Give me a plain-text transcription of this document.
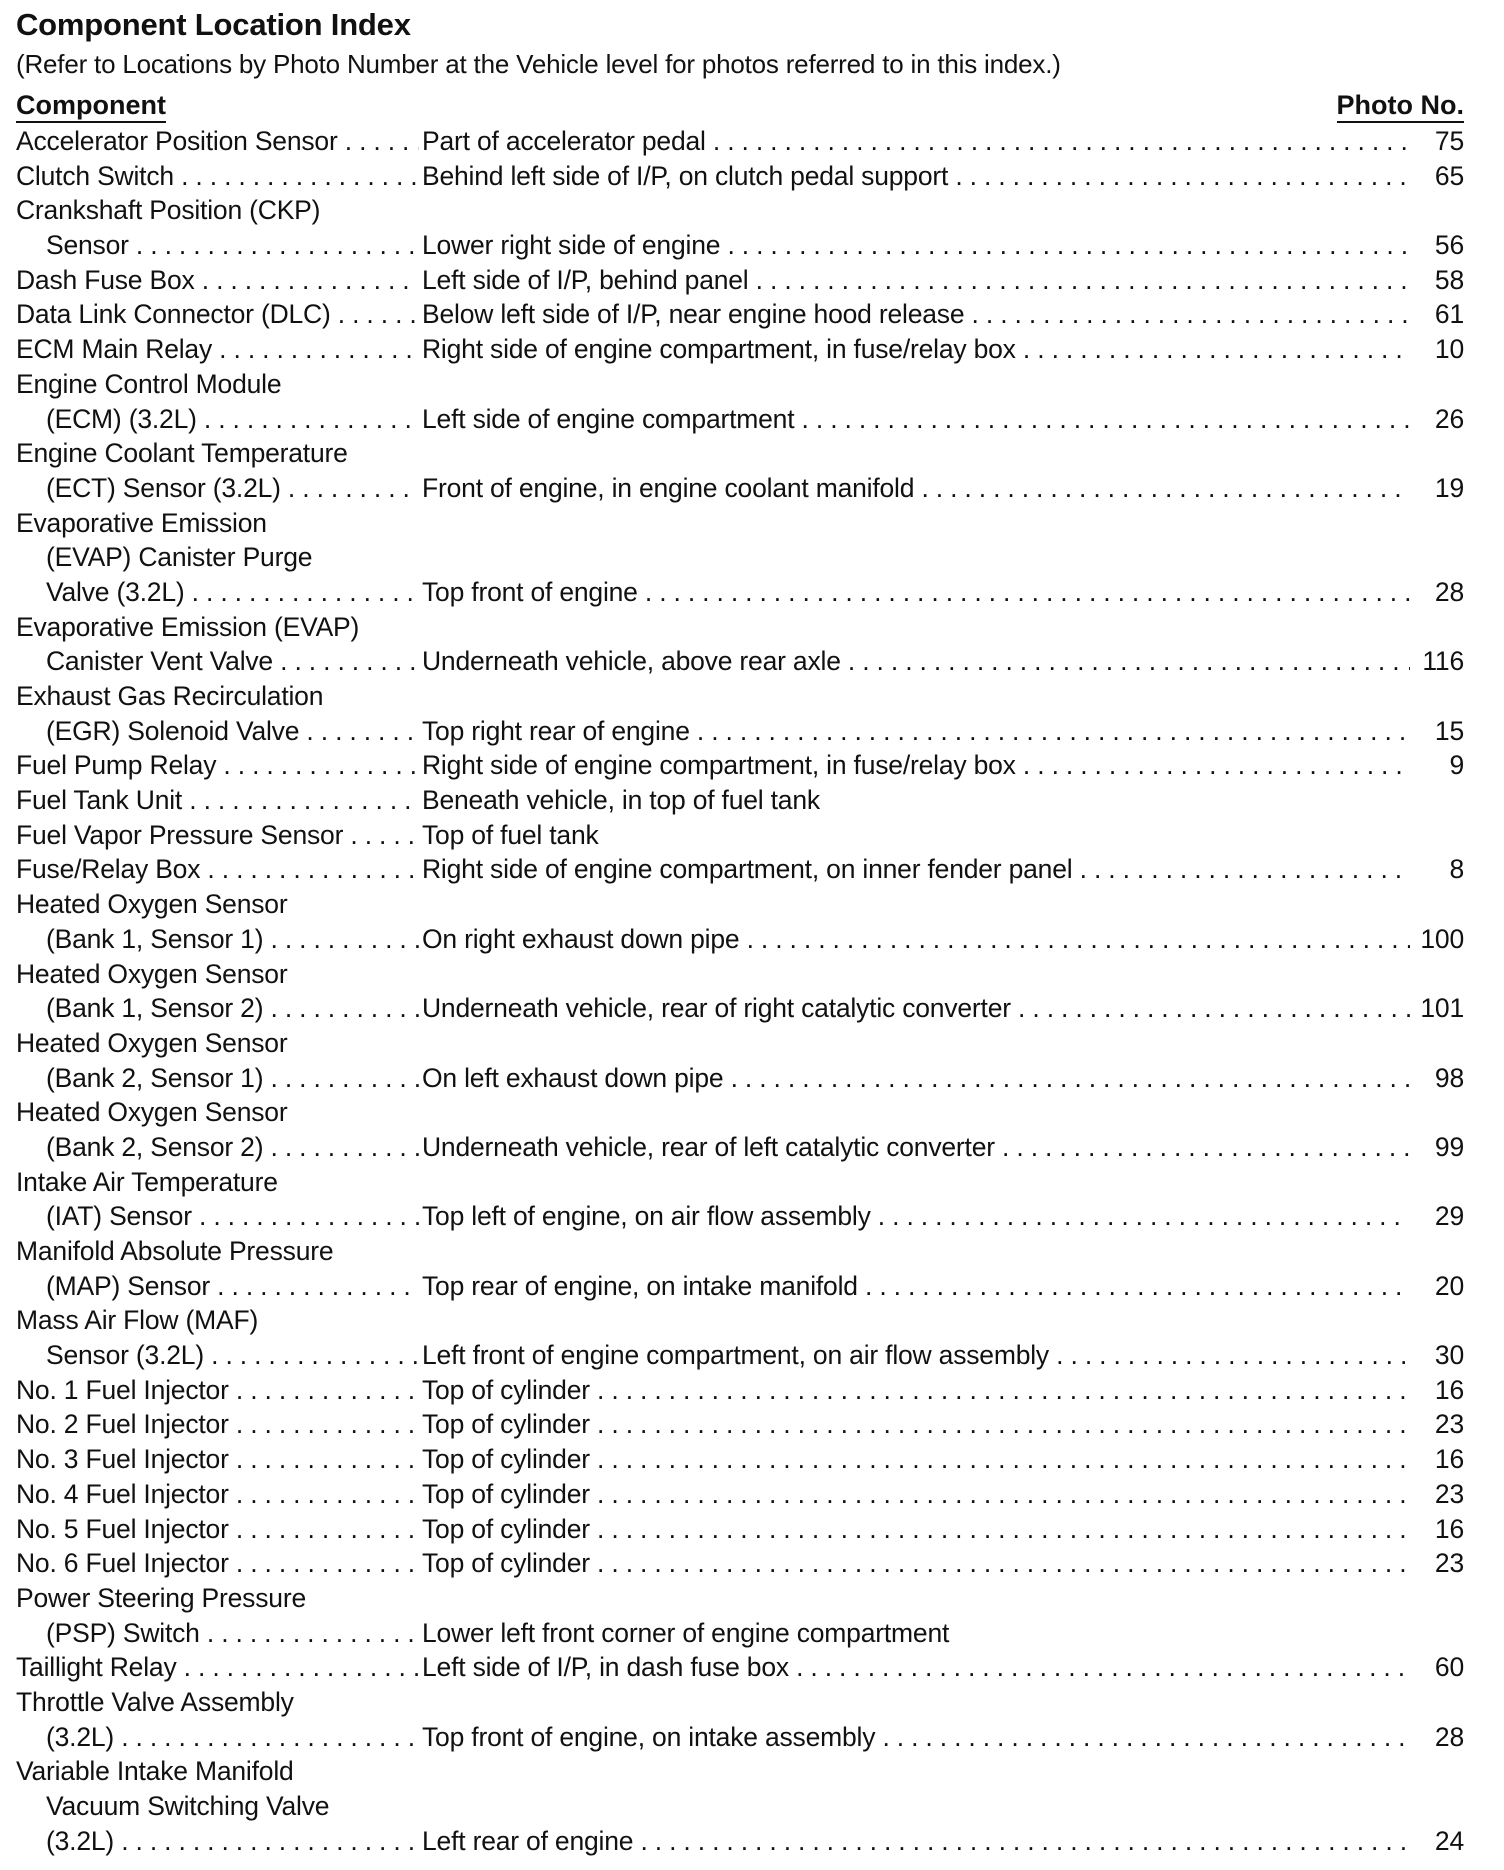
Component Location Index
(Refer to Locations by Photo Number at the Vehicle level for photos referred to in this index.)
Component	Photo No.
Accelerator Position Sensor . . .	Part of accelerator pedal . . .	75
Clutch Switch . . .	Behind left side of I/P, on clutch pedal support . . .	65
Crankshaft Position (CKP)
Sensor . . .	Lower right side of engine . . .	56
Dash Fuse Box . . .	Left side of I/P, behind panel . . .	58
Data Link Connector (DLC) . . .	Below left side of I/P, near engine hood release . . .	61
ECM Main Relay . . .	Right side of engine compartment, in fuse/relay box . . .	10
Engine Control Module
(ECM) (3.2L) . . .	Left side of engine compartment . . .	26
Engine Coolant Temperature
(ECT) Sensor (3.2L) . . .	Front of engine, in engine coolant manifold . . .	19
Evaporative Emission
(EVAP) Canister Purge
Valve (3.2L) . . .	Top front of engine . . .	28
Evaporative Emission (EVAP)
Canister Vent Valve . . .	Underneath vehicle, above rear axle . . .	116
Exhaust Gas Recirculation
(EGR) Solenoid Valve . . .	Top right rear of engine . . .	15
Fuel Pump Relay . . .	Right side of engine compartment, in fuse/relay box . . .	9
Fuel Tank Unit . . .	Beneath vehicle, in top of fuel tank
Fuel Vapor Pressure Sensor . . .	Top of fuel tank
Fuse/Relay Box . . .	Right side of engine compartment, on inner fender panel . . .	8
Heated Oxygen Sensor
(Bank 1, Sensor 1) . . .	On right exhaust down pipe . . .	100
Heated Oxygen Sensor
(Bank 1, Sensor 2) . . .	Underneath vehicle, rear of right catalytic converter . . .	101
Heated Oxygen Sensor
(Bank 2, Sensor 1) . . .	On left exhaust down pipe . . .	98
Heated Oxygen Sensor
(Bank 2, Sensor 2) . . .	Underneath vehicle, rear of left catalytic converter . . .	99
Intake Air Temperature
(IAT) Sensor . . .	Top left of engine, on air flow assembly . . .	29
Manifold Absolute Pressure
(MAP) Sensor . . .	Top rear of engine, on intake manifold . . .	20
Mass Air Flow (MAF)
Sensor (3.2L) . . .	Left front of engine compartment, on air flow assembly . . .	30
No. 1 Fuel Injector . . .	Top of cylinder . . .	16
No. 2 Fuel Injector . . .	Top of cylinder . . .	23
No. 3 Fuel Injector . . .	Top of cylinder . . .	16
No. 4 Fuel Injector . . .	Top of cylinder . . .	23
No. 5 Fuel Injector . . .	Top of cylinder . . .	16
No. 6 Fuel Injector . . .	Top of cylinder . . .	23
Power Steering Pressure
(PSP) Switch . . .	Lower left front corner of engine compartment
Taillight Relay . . .	Left side of I/P, in dash fuse box . . .	60
Throttle Valve Assembly
(3.2L) . . .	Top front of engine, on intake assembly . . .	28
Variable Intake Manifold
Vacuum Switching Valve
(3.2L) . . .	Left rear of engine . . .	24
